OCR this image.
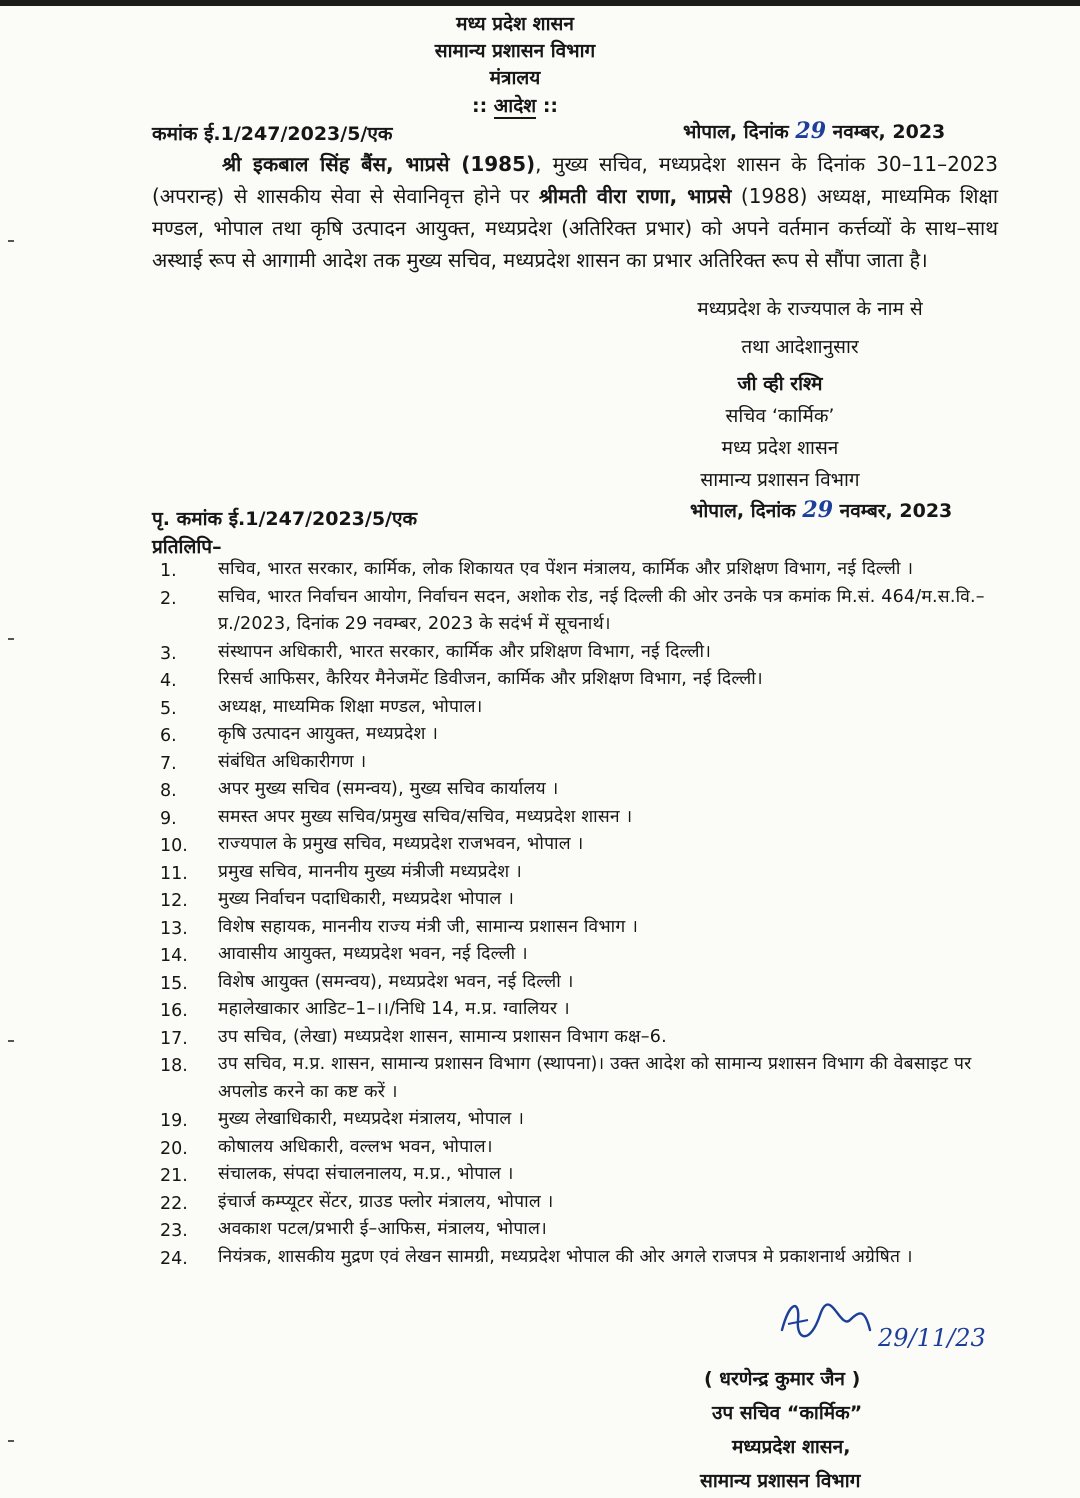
मध्य प्रदेश शासन
सामान्य प्रशासन विभाग
मंत्रालय
:: आदेश ::
कमांक ई.1/247/2023/5/एक	भोपाल, दिनांक 29 नवम्बर, 2023
श्री इकबाल सिंह बैंस, भाप्रसे (1985), मुख्य सचिव, मध्यप्रदेश शासन के दिनांक 30–11–2023 (अपरान्ह) से शासकीय सेवा से सेवानिवृत्त होने पर श्रीमती वीरा राणा, भाप्रसे (1988) अध्यक्ष, माध्यमिक शिक्षा मण्डल, भोपाल तथा कृषि उत्पादन आयुक्त, मध्यप्रदेश (अतिरिक्त प्रभार) को अपने वर्तमान कर्त्तव्यों के साथ–साथ अस्थाई रूप से आगामी आदेश तक मुख्य सचिव, मध्यप्रदेश शासन का प्रभार अतिरिक्त रूप से सौंपा जाता है।
मध्यप्रदेश के राज्यपाल के नाम से
तथा आदेशानुसार
जी व्ही रश्मि
सचिव ‘कार्मिक’
मध्य प्रदेश शासन
सामान्य प्रशासन विभाग
पृ. कमांक ई.1/247/2023/5/एक	भोपाल, दिनांक 29 नवम्बर, 2023
प्रतिलिपि–
1.	सचिव, भारत सरकार, कार्मिक, लोक शिकायत एव पेंशन मंत्रालय, कार्मिक और प्रशिक्षण विभाग, नई दिल्ली ।
2.	सचिव, भारत निर्वाचन आयोग, निर्वाचन सदन, अशोक रोड, नई दिल्ली की ओर उनके पत्र कमांक मि.सं. 464/म.स.वि.–प्र./2023, दिनांक 29 नवम्बर, 2023 के सदंर्भ में सूचनार्थ।
3.	संस्थापन अधिकारी, भारत सरकार, कार्मिक और प्रशिक्षण विभाग, नई दिल्ली।
4.	रिसर्च आफिसर, कैरियर मैनेजमेंट डिवीजन, कार्मिक और प्रशिक्षण विभाग, नई दिल्ली।
5.	अध्यक्ष, माध्यमिक शिक्षा मण्डल, भोपाल।
6.	कृषि उत्पादन आयुक्त, मध्यप्रदेश ।
7.	संबंधित अधिकारीगण ।
8.	अपर मुख्य सचिव (समन्वय), मुख्य सचिव कार्यालय ।
9.	समस्त अपर मुख्य सचिव/प्रमुख सचिव/सचिव, मध्यप्रदेश शासन ।
10.	राज्यपाल के प्रमुख सचिव, मध्यप्रदेश राजभवन, भोपाल ।
11.	प्रमुख सचिव, माननीय मुख्य मंत्रीजी मध्यप्रदेश ।
12.	मुख्य निर्वाचन पदाधिकारी, मध्यप्रदेश भोपाल ।
13.	विशेष सहायक, माननीय राज्य मंत्री जी, सामान्य प्रशासन विभाग ।
14.	आवासीय आयुक्त, मध्यप्रदेश भवन, नई दिल्ली ।
15.	विशेष आयुक्त (समन्वय), मध्यप्रदेश भवन, नई दिल्ली ।
16.	महालेखाकार आडिट–1–।।/निधि 14, म.प्र. ग्वालियर ।
17.	उप सचिव, (लेखा) मध्यप्रदेश शासन, सामान्य प्रशासन विभाग कक्ष–6.
18.	उप सचिव, म.प्र. शासन, सामान्य प्रशासन विभाग (स्थापना)। उक्त आदेश को सामान्य प्रशासन विभाग की वेबसाइट पर अपलोड करने का कष्ट करें ।
19.	मुख्य लेखाधिकारी, मध्यप्रदेश मंत्रालय, भोपाल ।
20.	कोषालय अधिकारी, वल्लभ भवन, भोपाल।
21.	संचालक, संपदा संचालनालय, म.प्र., भोपाल ।
22.	इंचार्ज कम्प्यूटर सेंटर, ग्राउड फ्लोर मंत्रालय, भोपाल ।
23.	अवकाश पटल/प्रभारी ई–आफिस, मंत्रालय, भोपाल।
24.	नियंत्रक, शासकीय मुद्रण एवं लेखन सामग्री, मध्यप्रदेश भोपाल की ओर अगले राजपत्र मे प्रकाशनार्थ अग्रेषित ।
29/11/23
( धरणेन्द्र कुमार जैन )
उप सचिव “कार्मिक”
मध्यप्रदेश शासन,
सामान्य प्रशासन विभाग
